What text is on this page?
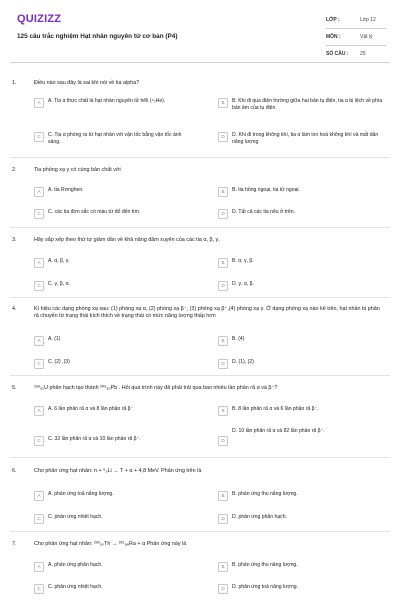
QUIZIZZ
125 câu trắc nghiệm Hạt nhân nguyên tử cơ bản (P4)
LỚP :	Lớp 12
MÔN :	Vật lý
SỐ CÂU :	25
1.	Điều nào sau đây là sai khi nói về tia alpha?
A	A. Tia α thực chất là hạt nhân nguyên tử hêli (⁴₂He).	B	B. Khi đi qua điện trường giữa hai bản tụ điện, tia α bị lệch về phía bản âm của tụ điện.
C	C. Tia α phóng ra từ hạt nhân với vận tốc bằng vận tốc ánh sáng.
D	D. Khi đi trong không khí, tia α làm ion hoá không khí và mất dần năng lượng.
2.	Tia phóng xạ γ có cùng bản chất với
A	A. tia Rơnghen.	B	B. tia hồng ngoại, tia tử ngoại.
C	C. các tia đơn sắc có màu từ đỏ đến tím.	D	D. Tất cả các tia nêu ở trên.
3.	Hãy sắp xếp theo thứ tự giảm dần về khả năng đâm xuyên của các tia α, β, γ.
A	A. α, β, γ.	B	B. α, γ, β.
C	C. γ, β, α.	D	D. γ, α, β.
4.	Kí hiệu các dạng phóng xạ sau: (1) phóng xạ α, (2) phóng xạ β⁻, (3) phóng xạ β⁺,(4) phóng xạ γ. Ở dạng phóng xạ nào kể trên, hạt nhân bị phân rã chuyển từ trạng thái kích thích về trạng thái có mức năng lượng thấp hơn
A	A. (1)	B	B. (4)
C	C. (2) ,(3)	D	D. (1), (2)
5.	²³⁸₉₂U phân hạch tạo thành ²⁰⁶₈₂Pb . Hỏi quá trình này đã phải trải qua bao nhiêu lần phân rã α và β⁻?
A	A. 6 lần phân rã α và 8 lần phân rã β⁻	B	B. 8 lần phân rã α và 6 lần phân rã β⁻.
C	C. 32 lần phân rã α và 10 lần phân rã β⁻.	D
D. 10 lần phân rã α và 82 lần phân rã β⁻.
6.	Cho phản ứng hạt nhân: n + ⁶₃Li → T + α + 4,8 MeV. Phản ứng trên là
A	A. phản ứng toả năng lượng.	B	B. phản ứng thu năng lượng.
C	C. phản ứng nhiệt hạch.	D	D. phản ứng phân hạch.
7.	Cho phản ứng hạt nhân: ²³⁰₉₀Th → ²²⁶₈₈Ra + α Phản ứng này là
A	A. phản ứng phân hạch.	B	B. phản ứng thu năng lượng.
C	C. phản ứng nhiệt hạch.	D	D. phản ứng toả năng lượng.
